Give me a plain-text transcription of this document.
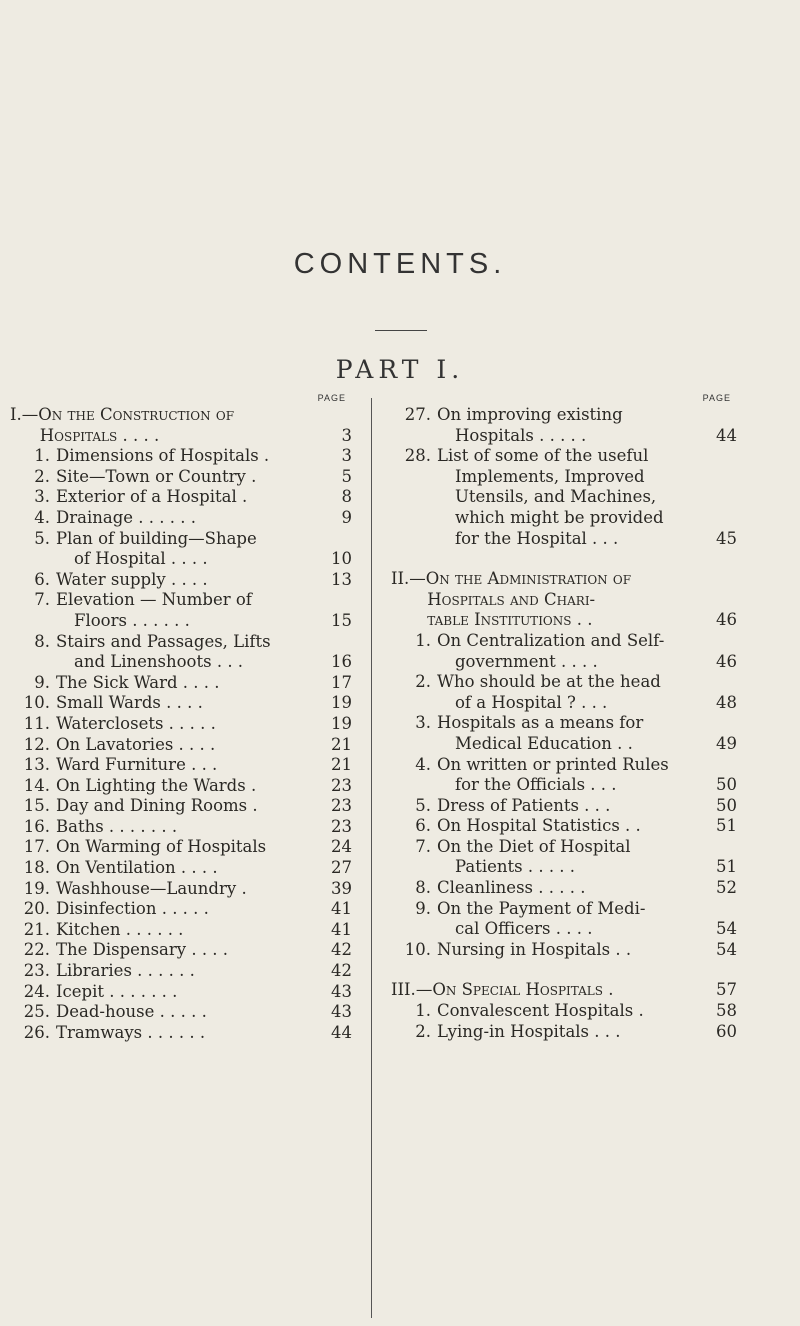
CONTENTS.
PART I.
PAGE
I. —On the Construction of
Hospitals . . . .	3
1. Dimensions of Hospitals .	3
2. Site—Town or Country .	5
3. Exterior of a Hospital .	8
4. Drainage . . . . . .	9
5. Plan of building—Shape
of Hospital . . . .	10
6. Water supply . . . .	13
7. Elevation — Number of
Floors . . . . . .	15
8. Stairs and Passages, Lifts
and Linenshoots . . .	16
9. The Sick Ward . . . .	17
10. Small Wards . . . .	19
11. Waterclosets . . . . .	19
12. On Lavatories . . . .	21
13. Ward Furniture . . .	21
14. On Lighting the Wards .	23
15. Day and Dining Rooms .	23
16. Baths . . . . . . .	23
17. On Warming of Hospitals	24
18. On Ventilation . . . .	27
19. Washhouse—Laundry .	39
20. Disinfection . . . . .	41
21. Kitchen . . . . . .	41
22. The Dispensary . . . .	42
23. Libraries . . . . . .	42
24. Icepit . . . . . . .	43
25. Dead-house . . . . .	43
26. Tramways . . . . . .	44
PAGE
27. On improving existing
Hospitals . . . . .	44
28. List of some of the useful
Implements, Improved
Utensils, and Machines,
which might be provided
for the Hospital . . .	45
II. —On the Administration of
Hospitals and Chari-
table Institutions . .	46
1. On Centralization and Self-
government . . . .	46
2. Who should be at the head
of a Hospital ? . . .	48
3. Hospitals as a means for
Medical Education . .	49
4. On written or printed Rules
for the Officials . . .	50
5. Dress of Patients . . .	50
6. On Hospital Statistics . .	51
7. On the Diet of Hospital
Patients . . . . .	51
8. Cleanliness . . . . .	52
9. On the Payment of Medi-
cal Officers . . . .	54
10. Nursing in Hospitals . .	54
III. —On Special Hospitals .	57
1. Convalescent Hospitals .	58
2. Lying-in Hospitals . . .	60
